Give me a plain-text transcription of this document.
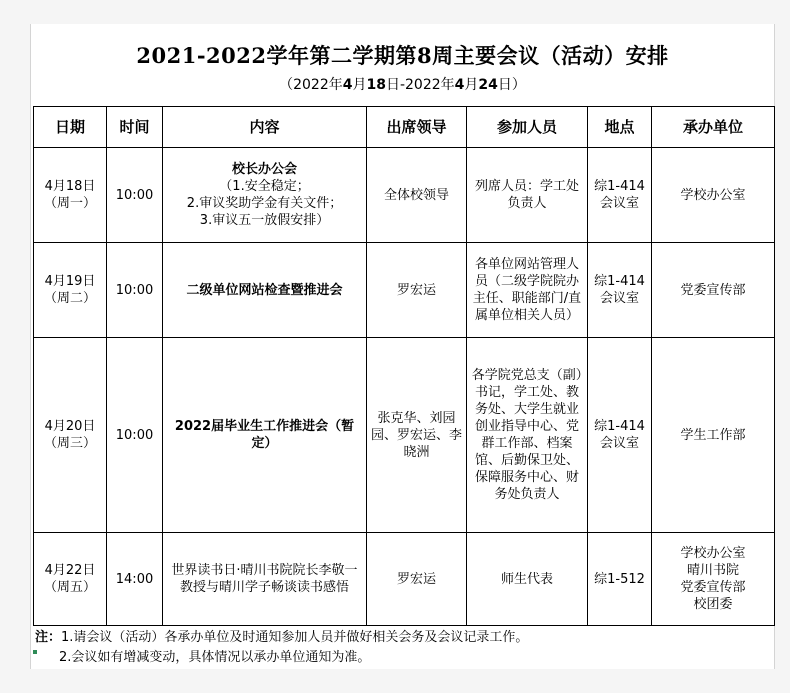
2021-2022学年第二学期第8周主要会议（活动）安排
（2022年4月18日-2022年4月24日）
日期	时间	内容	出席领导	参加人员	地点	承办单位

4月18日
（周一）	10:00	校长办公会
（1.安全稳定；
2.审议奖助学金有关文件；
3.审议五一放假安排）	全体校领导	列席人员：学工处负责人	综1-414会议室	学校办公室

4月19日
（周二）	10:00	二级单位网站检查暨推进会	罗宏运	各单位网站管理人员（二级学院院办主任、职能部门/直属单位相关人员）	综1-414会议室	党委宣传部

4月20日
（周三）	10:00	2022届毕业生工作推进会（暂定）	张克华、刘园园、罗宏运、李晓洲	各学院党总支（副）书记，学工处、教务处、大学生就业创业指导中心、党群工作部、档案馆、后勤保卫处、保障服务中心、财务处负责人	综1-414会议室	学生工作部

4月22日
（周五）	14:00	世界读书日·晴川书院院长李敬一教授与晴川学子畅谈读书感悟	罗宏运	师生代表	综1-512	学校办公室
晴川书院
党委宣传部
校团委
注：1.请会议（活动）各承办单位及时通知参加人员并做好相关会务及会议记录工作。
2.会议如有增减变动，具体情况以承办单位通知为准。
